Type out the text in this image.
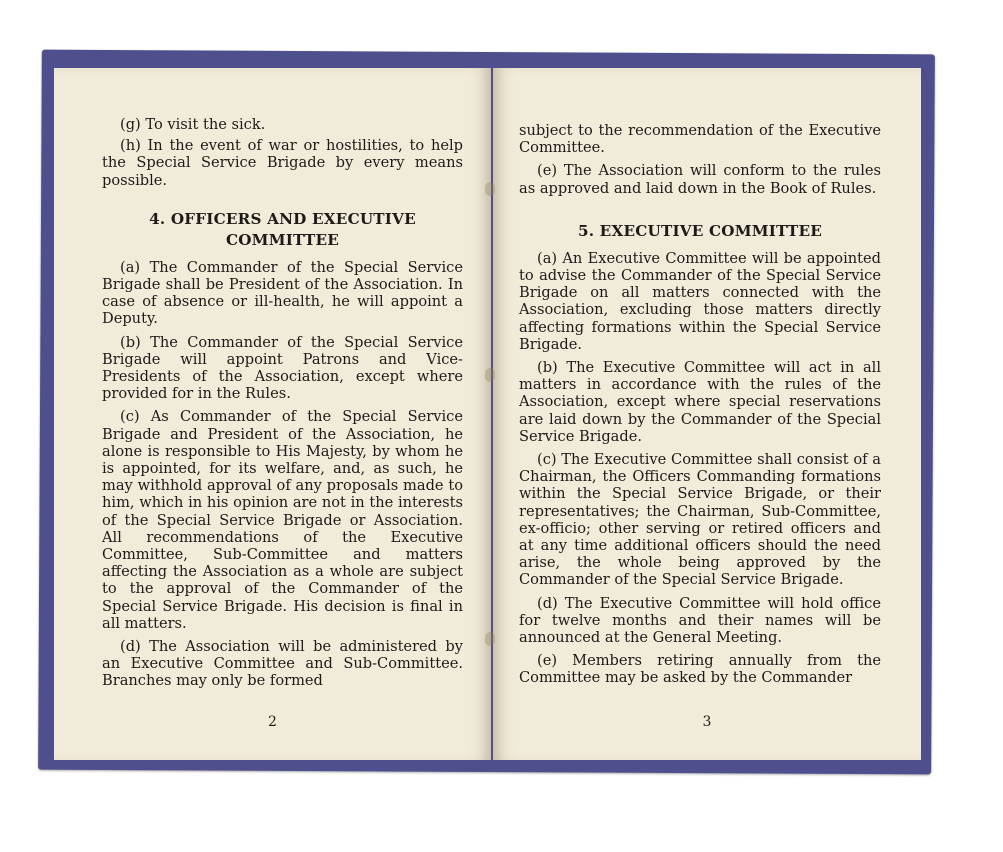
(g) To visit the sick.

(h) In the event of war or hostilities, to help the Special Service Brigade by every means possible.

4. OFFICERS AND EXECUTIVE COMMITTEE

(a) The Commander of the Special Service Brigade shall be President of the Association. In case of absence or ill-health, he will appoint a Deputy.

(b) The Commander of the Special Service Brigade will appoint Patrons and Vice-Presidents of the Association, except where provided for in the Rules.

(c) As Commander of the Special Service Brigade and President of the Association, he alone is responsible to His Majesty, by whom he is appointed, for its welfare, and, as such, he may withhold approval of any proposals made to him, which in his opinion are not in the interests of the Special Service Brigade or Association. All recommendations of the Executive Committee, Sub-Committee and matters affecting the Association as a whole are subject to the approval of the Commander of the Special Service Brigade. His decision is final in all matters.

(d) The Association will be administered by an Executive Committee and Sub-Committee. Branches may only be formed

2

subject to the recommendation of the Executive Committee.

(e) The Association will conform to the rules as approved and laid down in the Book of Rules.

5. EXECUTIVE COMMITTEE

(a) An Executive Committee will be appointed to advise the Commander of the Special Service Brigade on all matters connected with the Association, excluding those matters directly affecting formations within the Special Service Brigade.

(b) The Executive Committee will act in all matters in accordance with the rules of the Association, except where special reservations are laid down by the Commander of the Special Service Brigade.

(c) The Executive Committee shall consist of a Chairman, the Officers Commanding formations within the Special Service Brigade, or their representatives; the Chairman, Sub-Committee, ex-officio; other serving or retired officers and at any time additional officers should the need arise, the whole being approved by the Commander of the Special Service Brigade.

(d) The Executive Committee will hold office for twelve months and their names will be announced at the General Meeting.

(e) Members retiring annually from the Committee may be asked by the Commander

3
